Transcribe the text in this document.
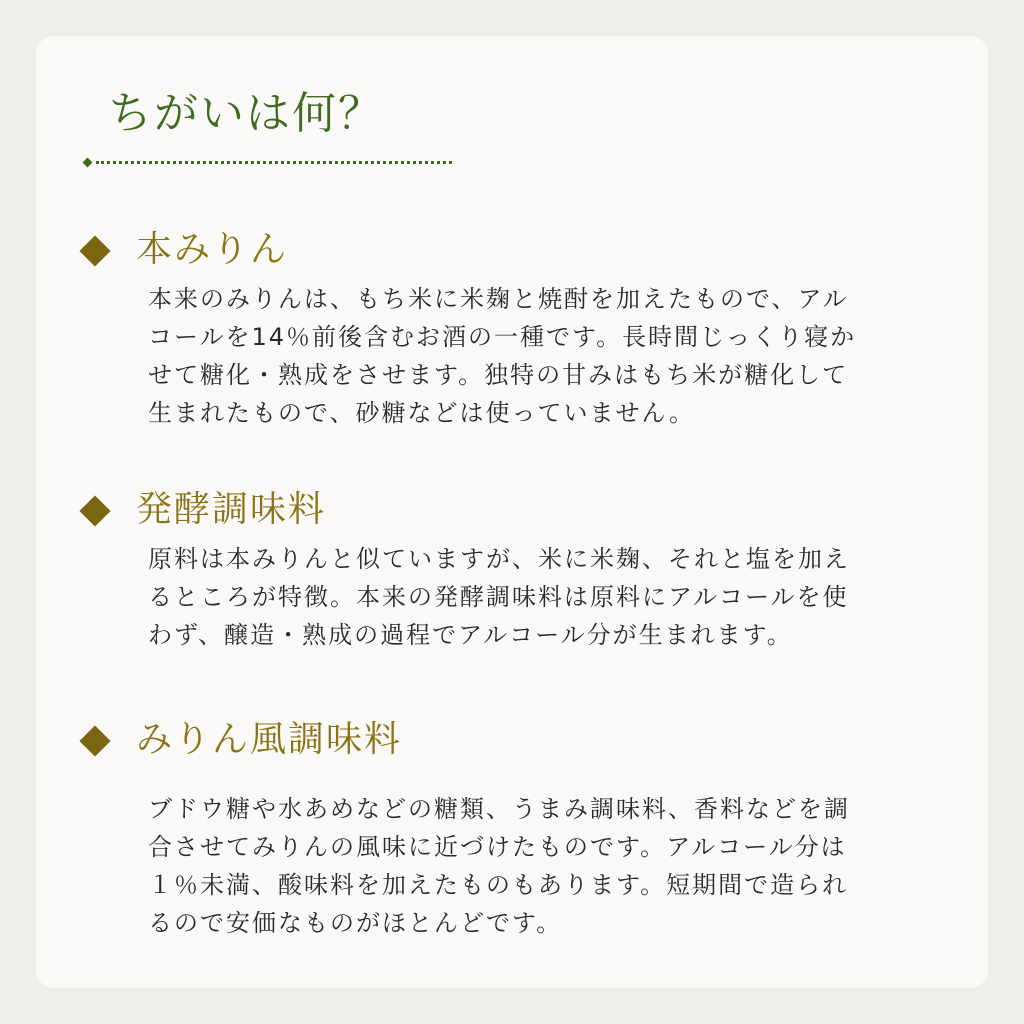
ちがいは何？
本みりん
本来のみりんは、もち米に米麹と焼酎を加えたもので、アル
コールを14％前後含むお酒の一種です。長時間じっくり寝か
せて糖化・熟成をさせます。独特の甘みはもち米が糖化して
生まれたもので、砂糖などは使っていません。
発酵調味料
原料は本みりんと似ていますが、米に米麹、それと塩を加え
るところが特徴。本来の発酵調味料は原料にアルコールを使
わず、醸造・熟成の過程でアルコール分が生まれます。
みりん風調味料
ブドウ糖や水あめなどの糖類、うまみ調味料、香料などを調
合させてみりんの風味に近づけたものです。アルコール分は
１％未満、酸味料を加えたものもあります。短期間で造られ
るので安価なものがほとんどです。
